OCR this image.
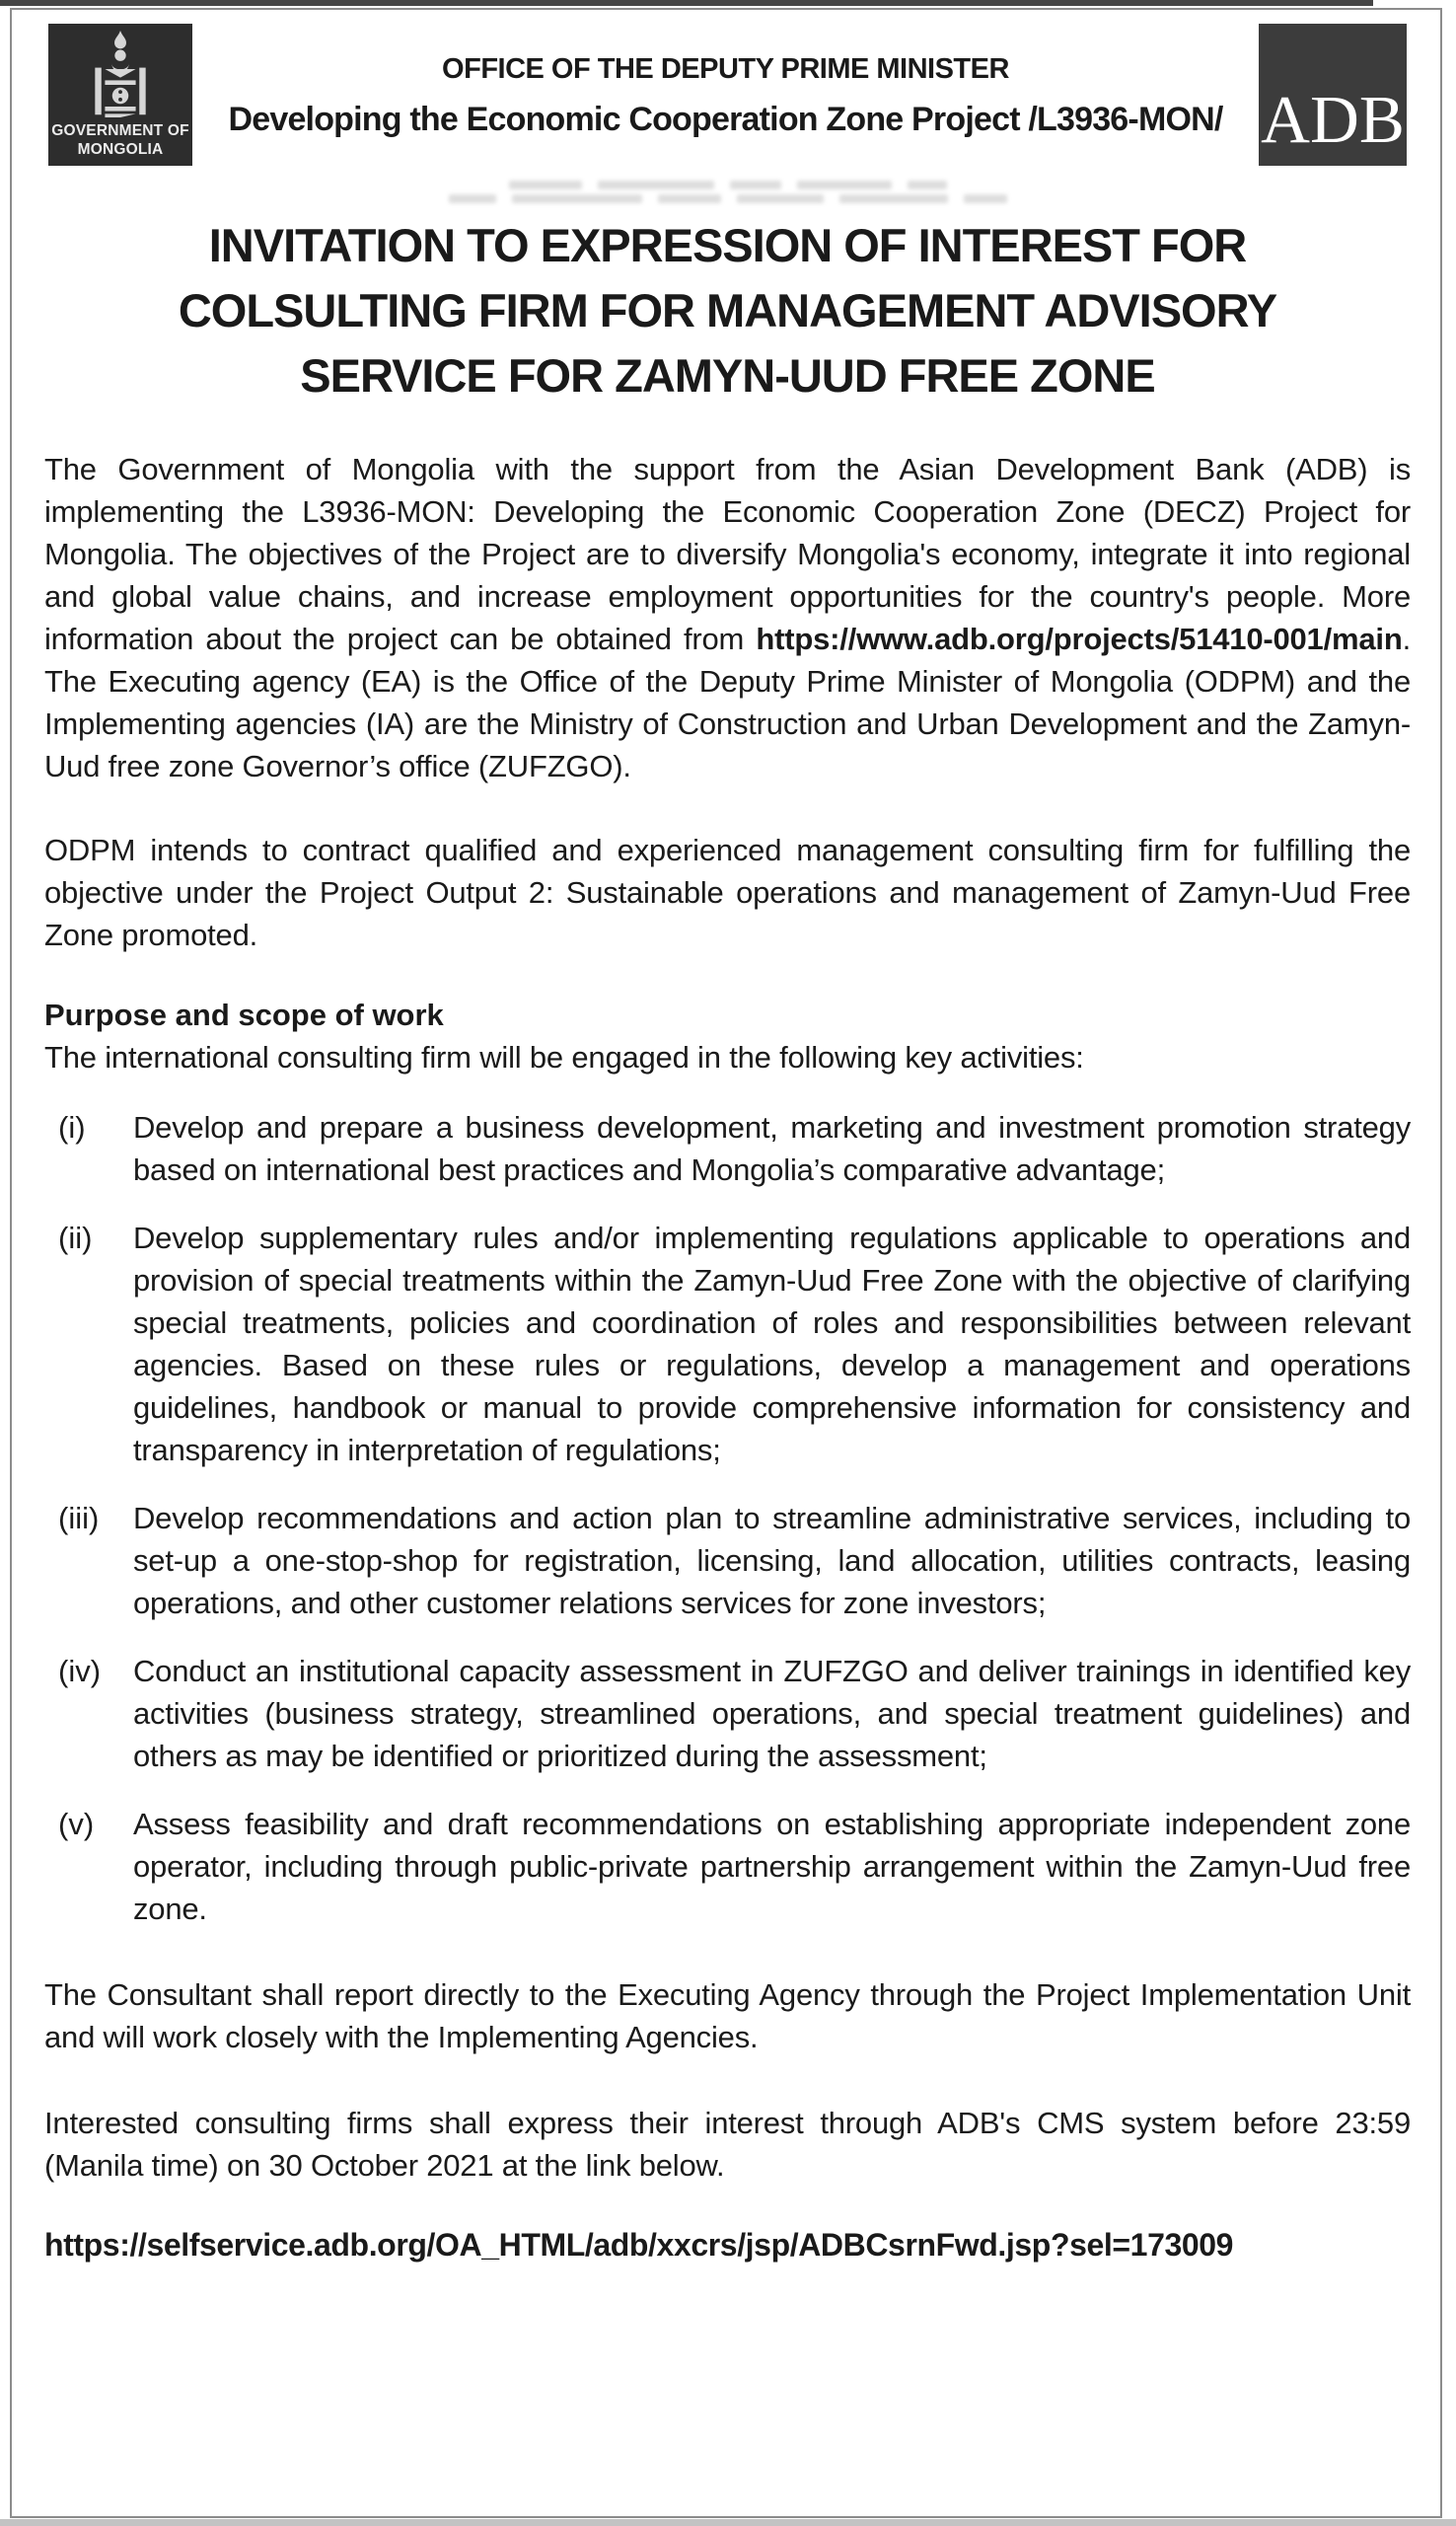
GOVERNMENT OF
MONGOLIA
OFFICE OF THE DEPUTY PRIME MINISTER
Developing the Economic Cooperation Zone Project /L3936-MON/ ADB
INVITATION TO EXPRESSION OF INTEREST FOR
COLSULTING FIRM FOR MANAGEMENT ADVISORY
SERVICE FOR ZAMYN-UUD FREE ZONE

The Government of Mongolia with the support from the Asian Development Bank (ADB) is implementing the L3936-MON: Developing the Economic Cooperation Zone (DECZ) Project for Mongolia. The objectives of the Project are to diversify Mongolia's economy, integrate it into regional and global value chains, and increase employment opportunities for the country's people. More information about the project can be obtained from https://www.adb.org/projects/51410-001/main. The Executing agency (EA) is the Office of the Deputy Prime Minister of Mongolia (ODPM) and the Implementing agencies (IA) are the Ministry of Construction and Urban Development and the Zamyn-Uud free zone Governor’s office (ZUFZGO).

ODPM intends to contract qualified and experienced management consulting firm for fulfilling the objective under the Project Output 2: Sustainable operations and management of Zamyn-Uud Free Zone promoted.

Purpose and scope of work

The international consulting firm will be engaged in the following key activities:

(i)	Develop and prepare a business development, marketing and investment promotion strategy based on international best practices and Mongolia’s comparative advantage;
(ii)	Develop supplementary rules and/or implementing regulations applicable to operations and provision of special treatments within the Zamyn-Uud Free Zone with the objective of clarifying special treatments, policies and coordination of roles and responsibilities between relevant agencies. Based on these rules or regulations, develop a management and operations guidelines, handbook or manual to provide comprehensive information for consistency and transparency in interpretation of regulations;
(iii)	Develop recommendations and action plan to streamline administrative services, including to set-up a one-stop-shop for registration, licensing, land allocation, utilities contracts, leasing operations, and other customer relations services for zone investors;
(iv)	Conduct an institutional capacity assessment in ZUFZGO and deliver trainings in identified key activities (business strategy, streamlined operations, and special treatment guidelines) and others as may be identified or prioritized during the assessment;
(v)	Assess feasibility and draft recommendations on establishing appropriate independent zone operator, including through public-private partnership arrangement within the Zamyn-Uud free zone.

The Consultant shall report directly to the Executing Agency through the Project Implementation Unit and will work closely with the Implementing Agencies.

Interested consulting firms shall express their interest through ADB's CMS system before 23:59 (Manila time) on 30 October 2021 at the link below.

https://selfservice.adb.org/OA_HTML/adb/xxcrs/jsp/ADBCsrnFwd.jsp?sel=173009
